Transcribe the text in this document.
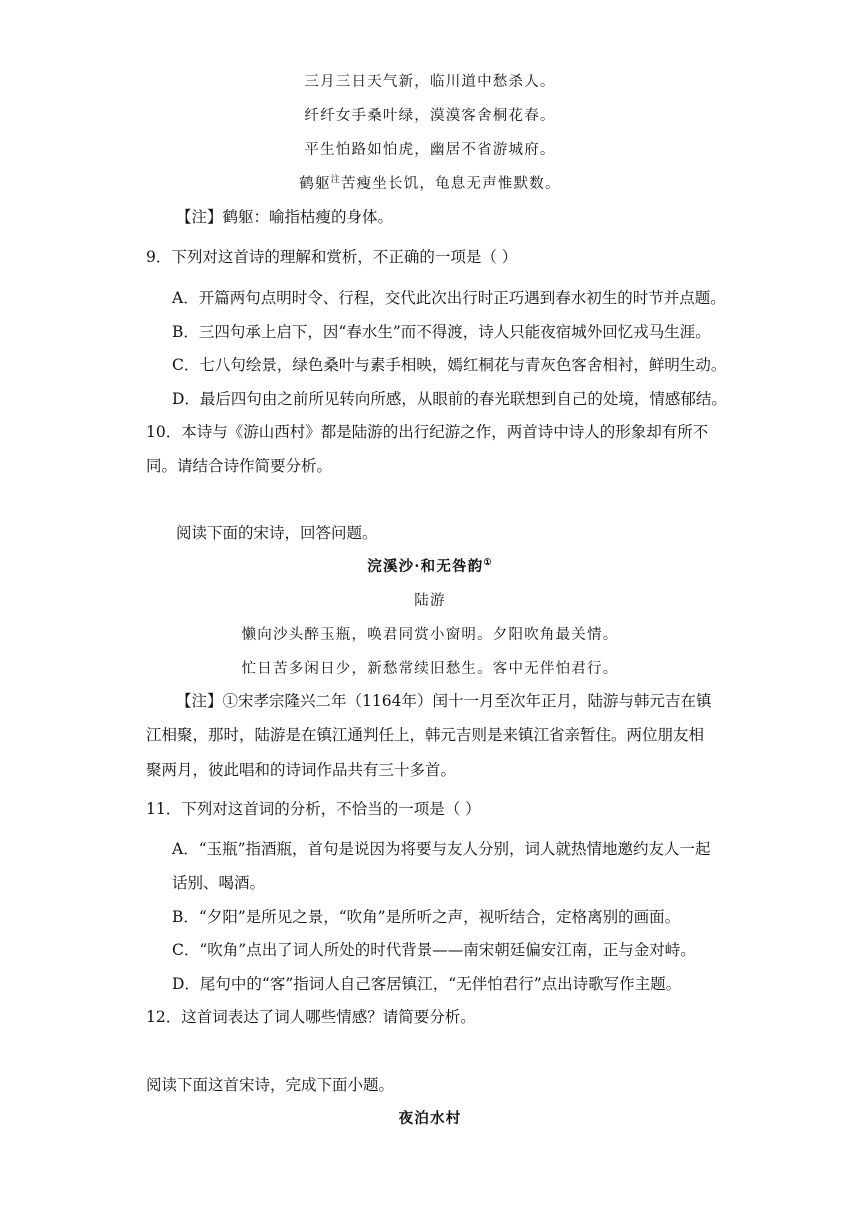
三月三日天气新，临川道中愁杀人。
纤纤女手桑叶绿，漠漠客舍桐花春。
平生怕路如怕虎，幽居不省游城府。
鹤躯$^注$苦瘦坐长饥，龟息无声惟默数。
【注】鹤躯：喻指枯瘦的身体。
9．下列对这首诗的理解和赏析，不正确的一项是（ ）
A．开篇两句点明时令、行程，交代此次出行时正巧遇到春水初生的时节并点题。
B．三四句承上启下，因“春水生”而不得渡，诗人只能夜宿城外回忆戎马生涯。
C．七八句绘景，绿色桑叶与素手相映，嫣红桐花与青灰色客舍相衬，鲜明生动。
D．最后四句由之前所见转向所感，从眼前的春光联想到自己的处境，情感郁结。
10．本诗与《游山西村》都是陆游的出行纪游之作，两首诗中诗人的形象却有所不
同。请结合诗作简要分析。
阅读下面的宋诗，回答问题。
浣溪沙·和无咎韵①
陆游
懒向沙头醉玉瓶，唤君同赏小窗明。夕阳吹角最关情。
忙日苦多闲日少，新愁常续旧愁生。客中无伴怕君行。
【注】①宋孝宗隆兴二年（1164年）闰十一月至次年正月，陆游与韩元吉在镇
江相聚，那时，陆游是在镇江通判任上，韩元吉则是来镇江省亲暂住。两位朋友相
聚两月，彼此唱和的诗词作品共有三十多首。
11．下列对这首词的分析，不恰当的一项是（ ）
A．“玉瓶”指酒瓶，首句是说因为将要与友人分别，词人就热情地邀约友人一起
话别、喝酒。
B．“夕阳”是所见之景，“吹角”是所听之声，视听结合，定格离别的画面。
C．“吹角”点出了词人所处的时代背景——南宋朝廷偏安江南，正与金对峙。
D．尾句中的“客”指词人自己客居镇江，“无伴怕君行”点出诗歌写作主题。
12．这首词表达了词人哪些情感？请简要分析。
阅读下面这首宋诗，完成下面小题。
夜泊水村
